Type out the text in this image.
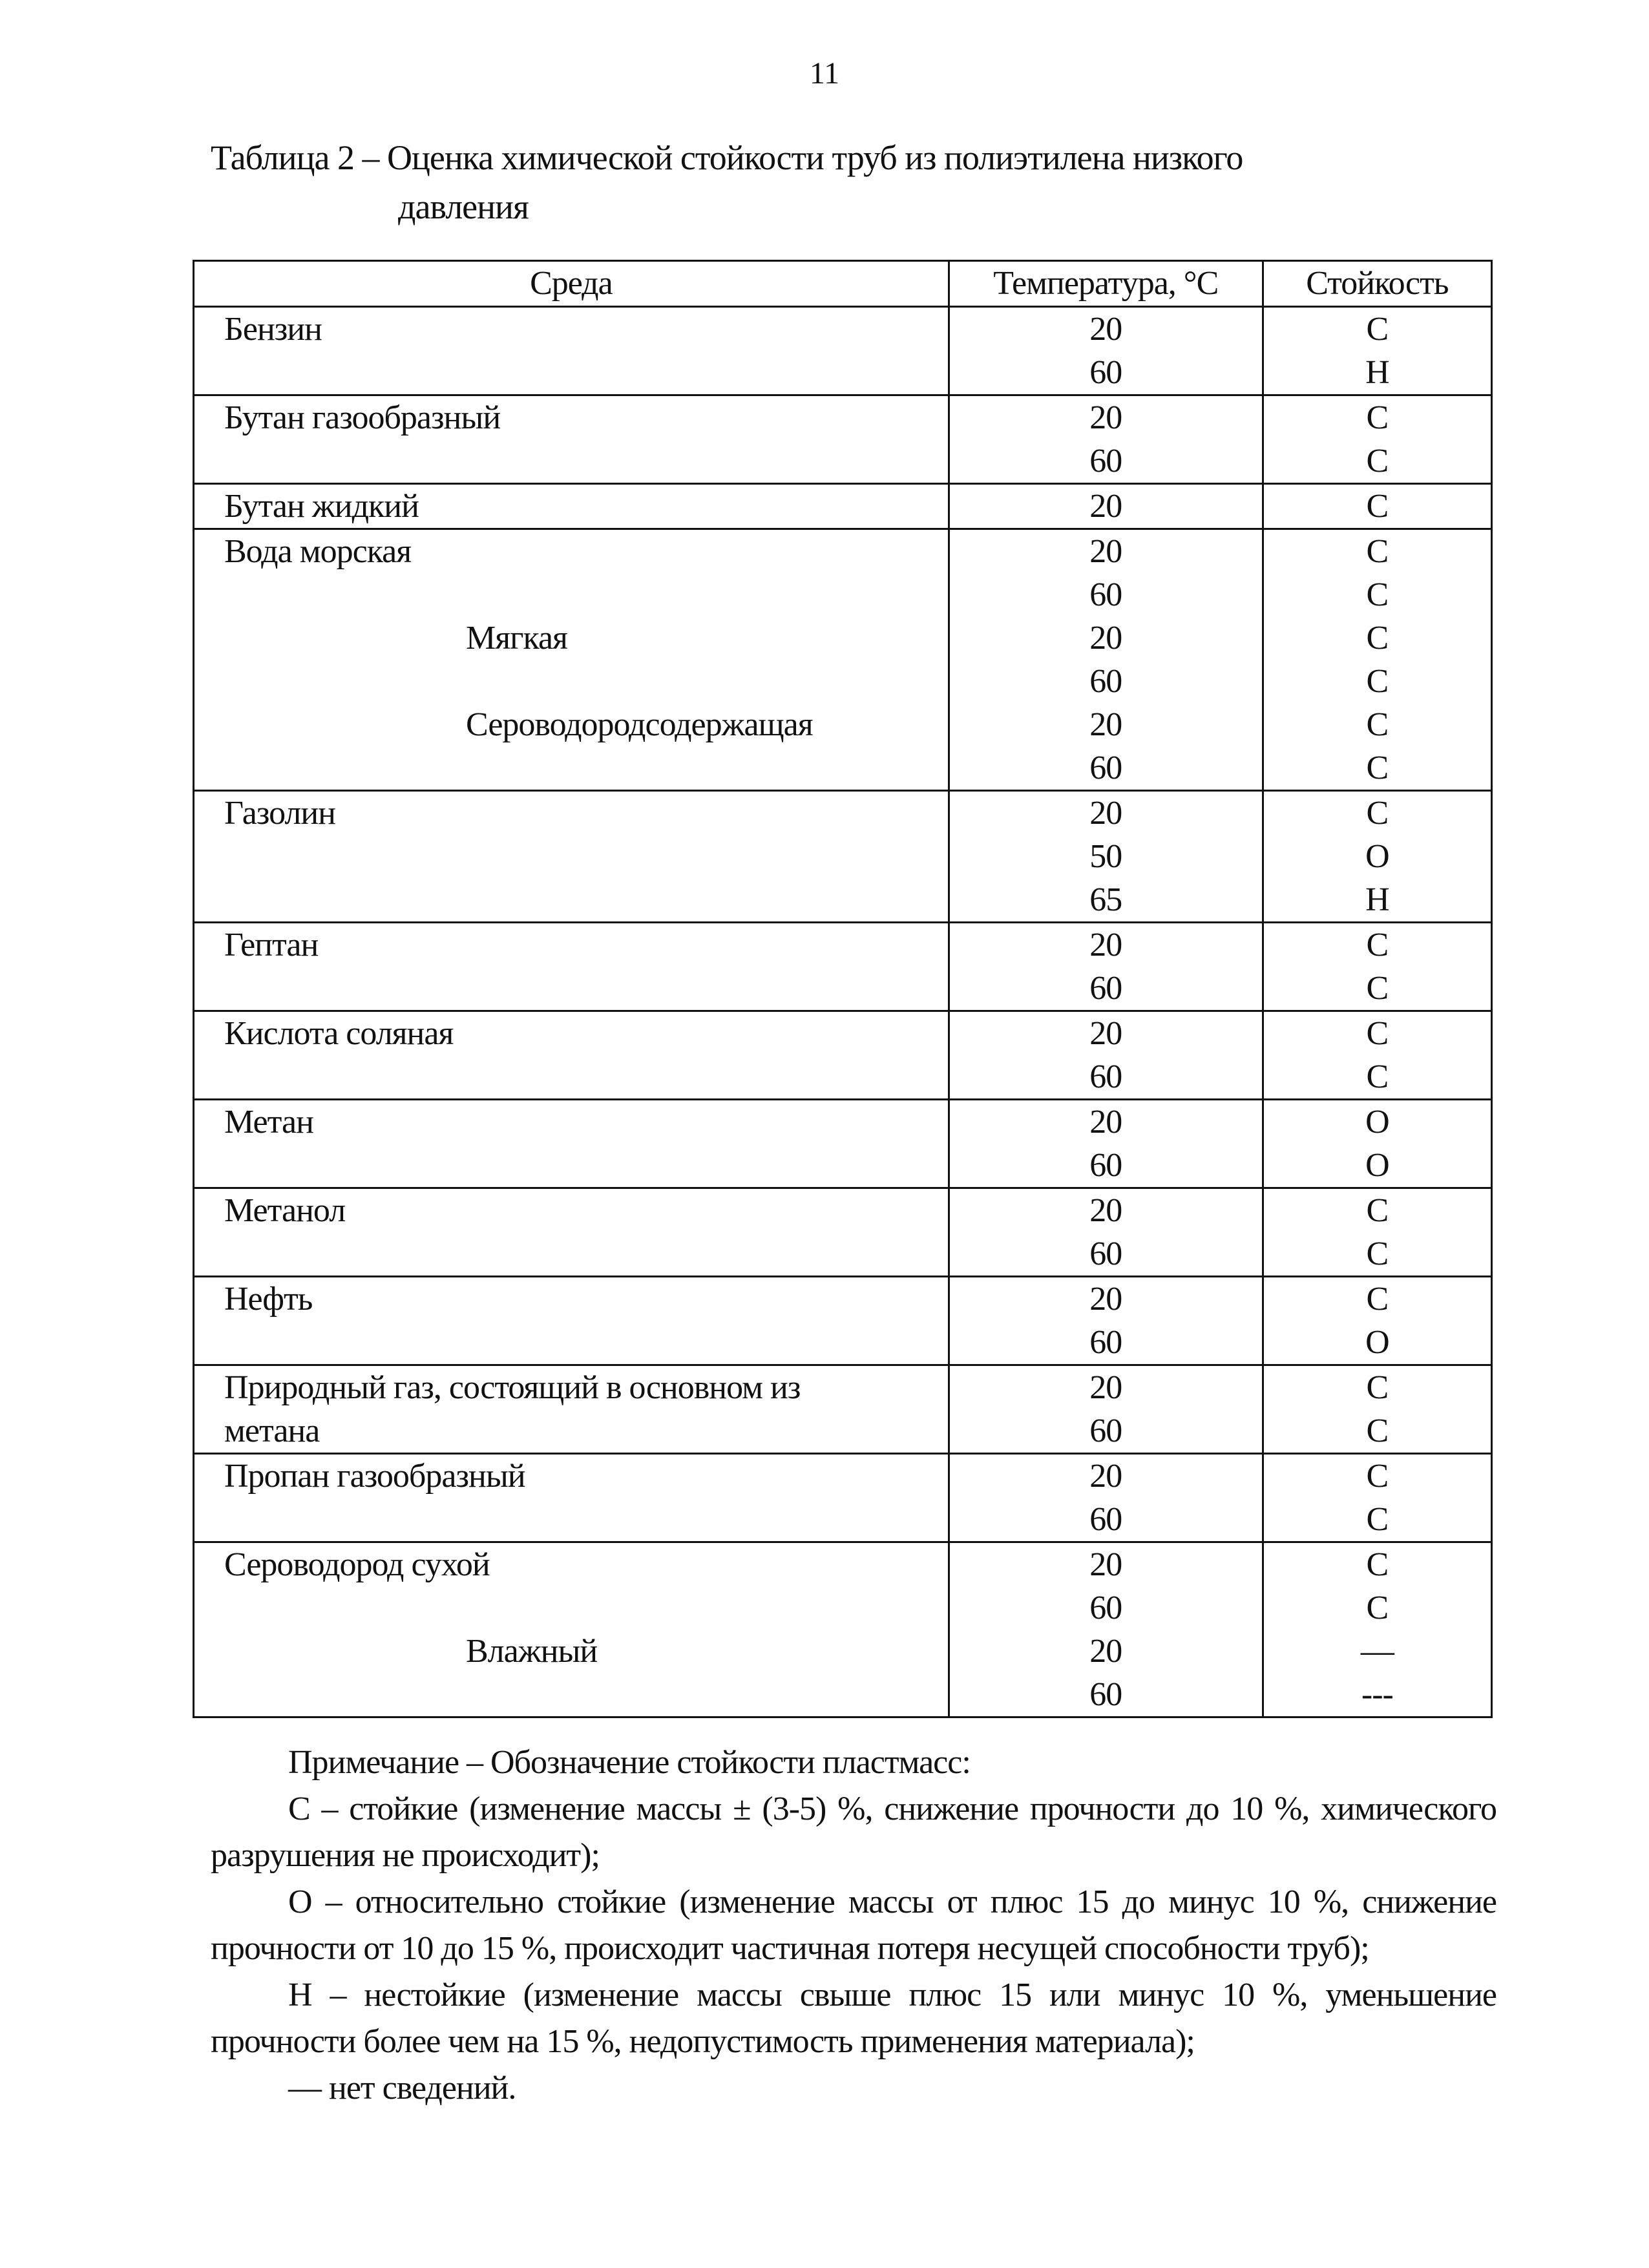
11
Таблица 2 – Оценка химической стойкости труб из полиэтилена низкого
давления
Среда	Температура, °С	Стойкость
Бензин	20	С
	60	Н
Бутан газообразный	20	С
	60	С
Бутан жидкий	20	С
Вода морская	20	С
	60	С
Мягкая	20	С
	60	С
Сероводородсодержащая	20	С
	60	С
Газолин	20	С
	50	О
	65	Н
Гептан	20	С
	60	С
Кислота соляная	20	С
	60	С
Метан	20	О
	60	О
Метанол	20	С
	60	С
Нефть	20	С
	60	О
Природный газ, состоящий в основном из	20	С
метана	60	С
Пропан газообразный	20	С
	60	С
Сероводород сухой	20	С
	60	С
Влажный	20	—
	60	---

Примечание – Обозначение стойкости пластмасс:

С – стойкие (изменение массы ± (3-5) %, снижение прочности до 10 %, химического разрушения не происходит);

О – относительно стойкие (изменение массы от плюс 15 до минус 10 %, снижение прочности от 10 до 15 %, происходит частичная потеря несущей способности труб);

Н – нестойкие (изменение массы свыше плюс 15 или минус 10 %, уменьшение прочности более чем на 15 %, недопустимость применения материала);

— нет сведений.
